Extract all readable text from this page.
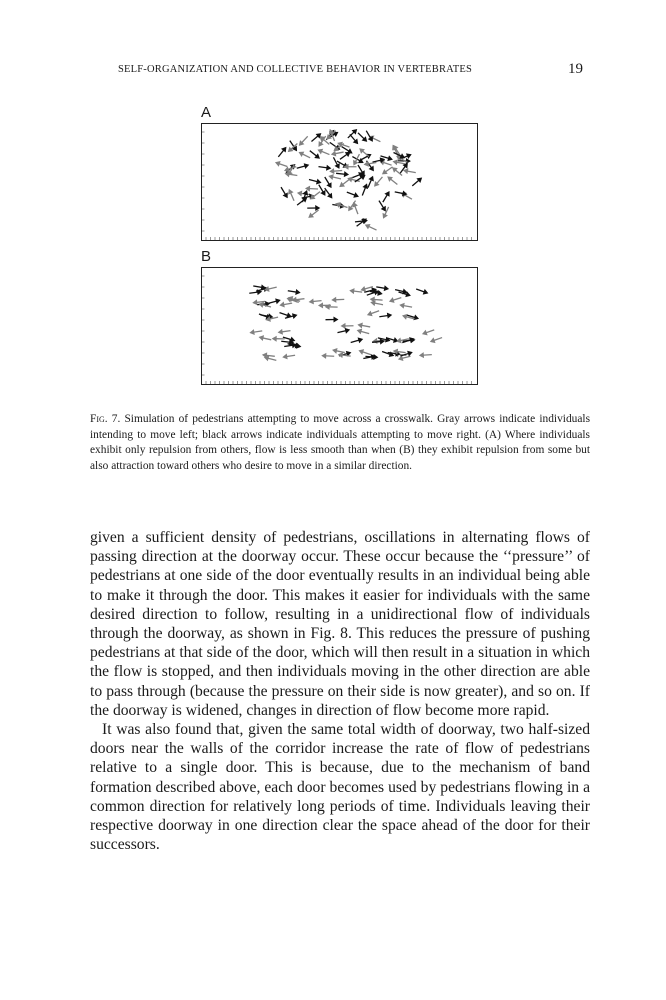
SELF-ORGANIZATION AND COLLECTIVE BEHAVIOR IN VERTEBRATES	19
A
B
Fig. 7. Simulation of pedestrians attempting to move across a crosswalk. Gray arrows indicate individuals intending to move left; black arrows indicate individuals attempting to move right. (A) Where individuals exhibit only repulsion from others, flow is less smooth than when (B) they exhibit repulsion from some but also attraction toward others who desire to move in a similar direction.

given a sufficient density of pedestrians, oscillations in alternating flows of passing direction at the doorway occur. These occur because the ‘‘pressure’’ of pedestrians at one side of the door eventually results in an individual being able to make it through the door. This makes it easier for individuals with the same desired direction to follow, resulting in a unidirectional flow of individuals through the doorway, as shown in Fig. 8. This reduces the pressure of pushing pedestrians at that side of the door, which will then result in a situation in which the flow is stopped, and then individuals moving in the other direction are able to pass through (because the pressure on their side is now greater), and so on. If the doorway is widened, changes in direction of flow become more rapid.

It was also found that, given the same total width of doorway, two half-sized doors near the walls of the corridor increase the rate of flow of pedestrians relative to a single door. This is because, due to the mechanism of band formation described above, each door becomes used by pedestrians flowing in a common direction for relatively long periods of time. Individuals leaving their respective doorway in one direction clear the space ahead of the door for their successors.
